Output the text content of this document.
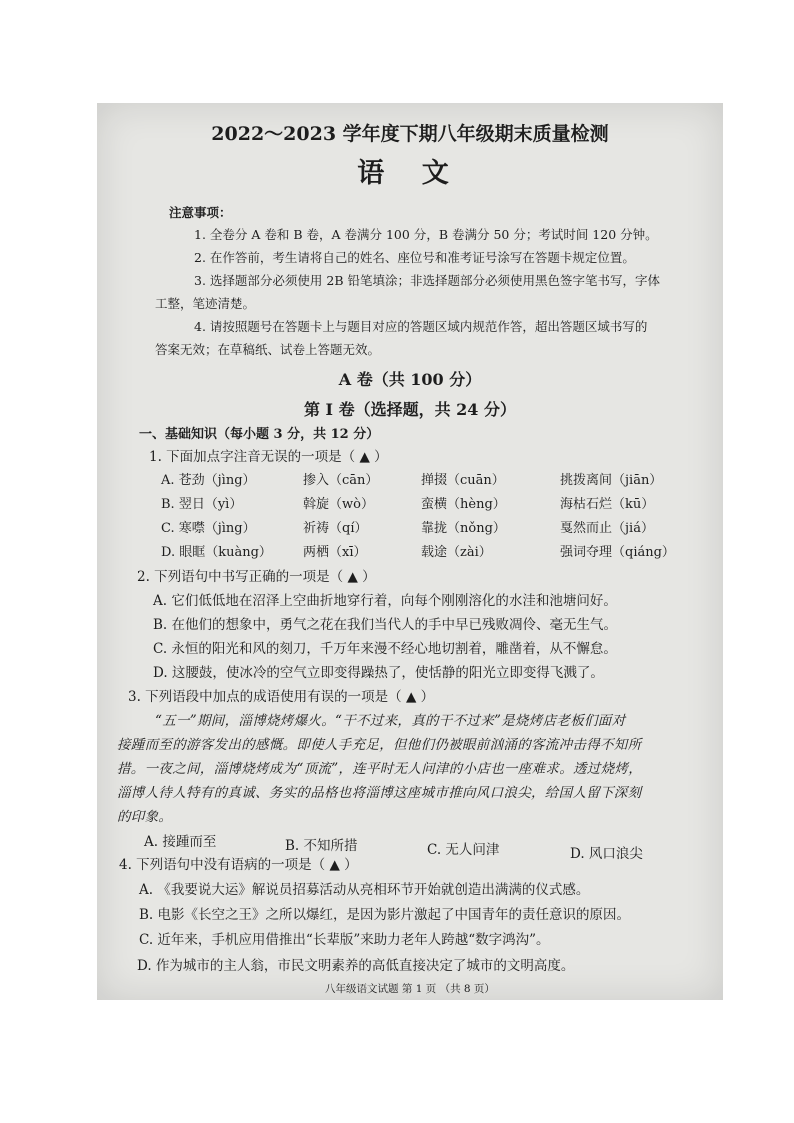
2022～2023 学年度下期八年级期末质量检测
语 文
注意事项：
1. 全卷分 A 卷和 B 卷，A 卷满分 100 分，B 卷满分 50 分；考试时间 120 分钟。
2. 在作答前，考生请将自己的姓名、座位号和准考证号涂写在答题卡规定位置。
3. 选择题部分必须使用 2B 铅笔填涂；非选择题部分必须使用黑色签字笔书写，字体
工整，笔迹清楚。
4. 请按照题号在答题卡上与题目对应的答题区域内规范作答，超出答题区域书写的
答案无效；在草稿纸、试卷上答题无效。
A 卷（共 100 分）
第 I 卷（选择题，共 24 分）
一、基础知识（每小题 3 分，共 12 分）
1. 下面加点字注音无误的一项是（ ▲ ）
A. 苍劲（jìng）	掺入（cān）	掸掇（cuān）	挑拨离间（jiān）
B. 翌日（yì）	斡旋（wò）	蛮横（hèng）	海枯石烂（kū）
C. 寒噤（jìng）	祈祷（qí）	靠拢（nǒng）	戛然而止（jiá）
D. 眼眶（kuàng） 两栖（xī）	载途（zài）	强词夺理（qiáng）
2. 下列语句中书写正确的一项是（ ▲ ）
A. 它们低低地在沼泽上空曲折地穿行着，向每个刚刚溶化的水洼和池塘问好。
B. 在他们的想象中，勇气之花在我们当代人的手中早已残败凋伶、毫无生气。
C. 永恒的阳光和风的刻刀，千万年来漫不经心地切割着，雕凿着，从不懈怠。
D. 这腰鼓，使冰冷的空气立即变得躁热了，使恬静的阳光立即变得飞溅了。
3. 下列语段中加点的成语使用有误的一项是（ ▲ ）
“五一”期间，淄博烧烤爆火。“干不过来，真的干不过来”是烧烤店老板们面对
接踵而至的游客发出的感慨。即使人手充足，但他们仍被眼前汹涌的客流冲击得不知所
措。一夜之间，淄博烧烤成为“顶流”，连平时无人问津的小店也一座难求。透过烧烤，
淄博人待人特有的真诚、务实的品格也将淄博这座城市推向风口浪尖，给国人留下深刻
的印象。
A. 接踵而至	B. 不知所措	C. 无人问津	D. 风口浪尖
4. 下列语句中没有语病的一项是（ ▲ ）
A. 《我要说大运》解说员招募活动从亮相环节开始就创造出满满的仪式感。
B. 电影《长空之王》之所以爆红，是因为影片激起了中国青年的责任意识的原因。
C. 近年来，手机应用借推出“长辈版”来助力老年人跨越“数字鸿沟”。
D. 作为城市的主人翁，市民文明素养的高低直接决定了城市的文明高度。
八年级语文试题 第 1 页 （共 8 页）
